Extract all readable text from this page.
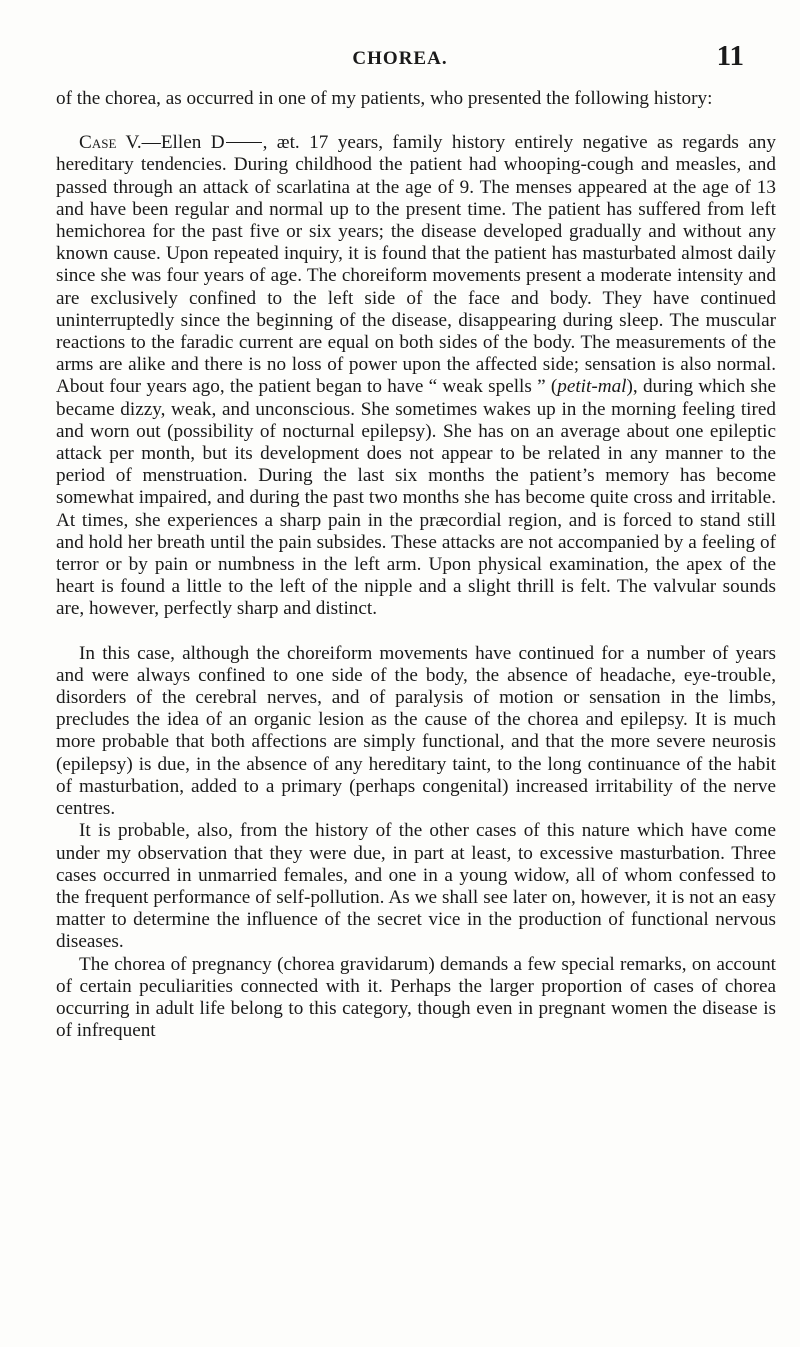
CHOREA.	11

of the chorea, as occurred in one of my patients, who presented the following history:

Case V.—Ellen D , æt. 17 years, family history entirely negative as regards any hereditary tendencies. During childhood the patient had whooping-cough and measles, and passed through an attack of scarlatina at the age of 9. The menses appeared at the age of 13 and have been regular and normal up to the present time. The patient has suffered from left hemichorea for the past five or six years; the disease developed gradually and without any known cause. Upon repeated inquiry, it is found that the patient has masturbated almost daily since she was four years of age. The choreiform movements present a moderate intensity and are exclusively confined to the left side of the face and body. They have continued uninterruptedly since the beginning of the disease, disappearing during sleep. The muscular reactions to the faradic current are equal on both sides of the body. The measurements of the arms are alike and there is no loss of power upon the affected side; sensation is also normal. About four years ago, the patient began to have “ weak spells ” (petit-mal), during which she became dizzy, weak, and unconscious. She sometimes wakes up in the morning feeling tired and worn out (possibility of nocturnal epilepsy). She has on an average about one epileptic attack per month, but its development does not appear to be related in any manner to the period of menstruation. During the last six months the patient’s memory has become somewhat impaired, and during the past two months she has become quite cross and irritable. At times, she experiences a sharp pain in the præcordial region, and is forced to stand still and hold her breath until the pain subsides. These attacks are not accompanied by a feeling of terror or by pain or numbness in the left arm. Upon physical examination, the apex of the heart is found a little to the left of the nipple and a slight thrill is felt. The valvular sounds are, however, perfectly sharp and distinct.

In this case, although the choreiform movements have continued for a number of years and were always confined to one side of the body, the absence of headache, eye-trouble, disorders of the cerebral nerves, and of paralysis of motion or sensation in the limbs, precludes the idea of an organic lesion as the cause of the chorea and epilepsy. It is much more probable that both affections are simply functional, and that the more severe neurosis (epilepsy) is due, in the absence of any hereditary taint, to the long continuance of the habit of masturbation, added to a primary (perhaps congenital) increased irritability of the nerve centres.

It is probable, also, from the history of the other cases of this nature which have come under my observation that they were due, in part at least, to excessive masturbation. Three cases occurred in unmarried females, and one in a young widow, all of whom confessed to the frequent performance of self-pollution. As we shall see later on, however, it is not an easy matter to determine the influence of the secret vice in the production of functional nervous diseases.

The chorea of pregnancy (chorea gravidarum) demands a few special remarks, on account of certain peculiarities connected with it. Perhaps the larger proportion of cases of chorea occurring in adult life belong to this category, though even in pregnant women the disease is of infrequent
